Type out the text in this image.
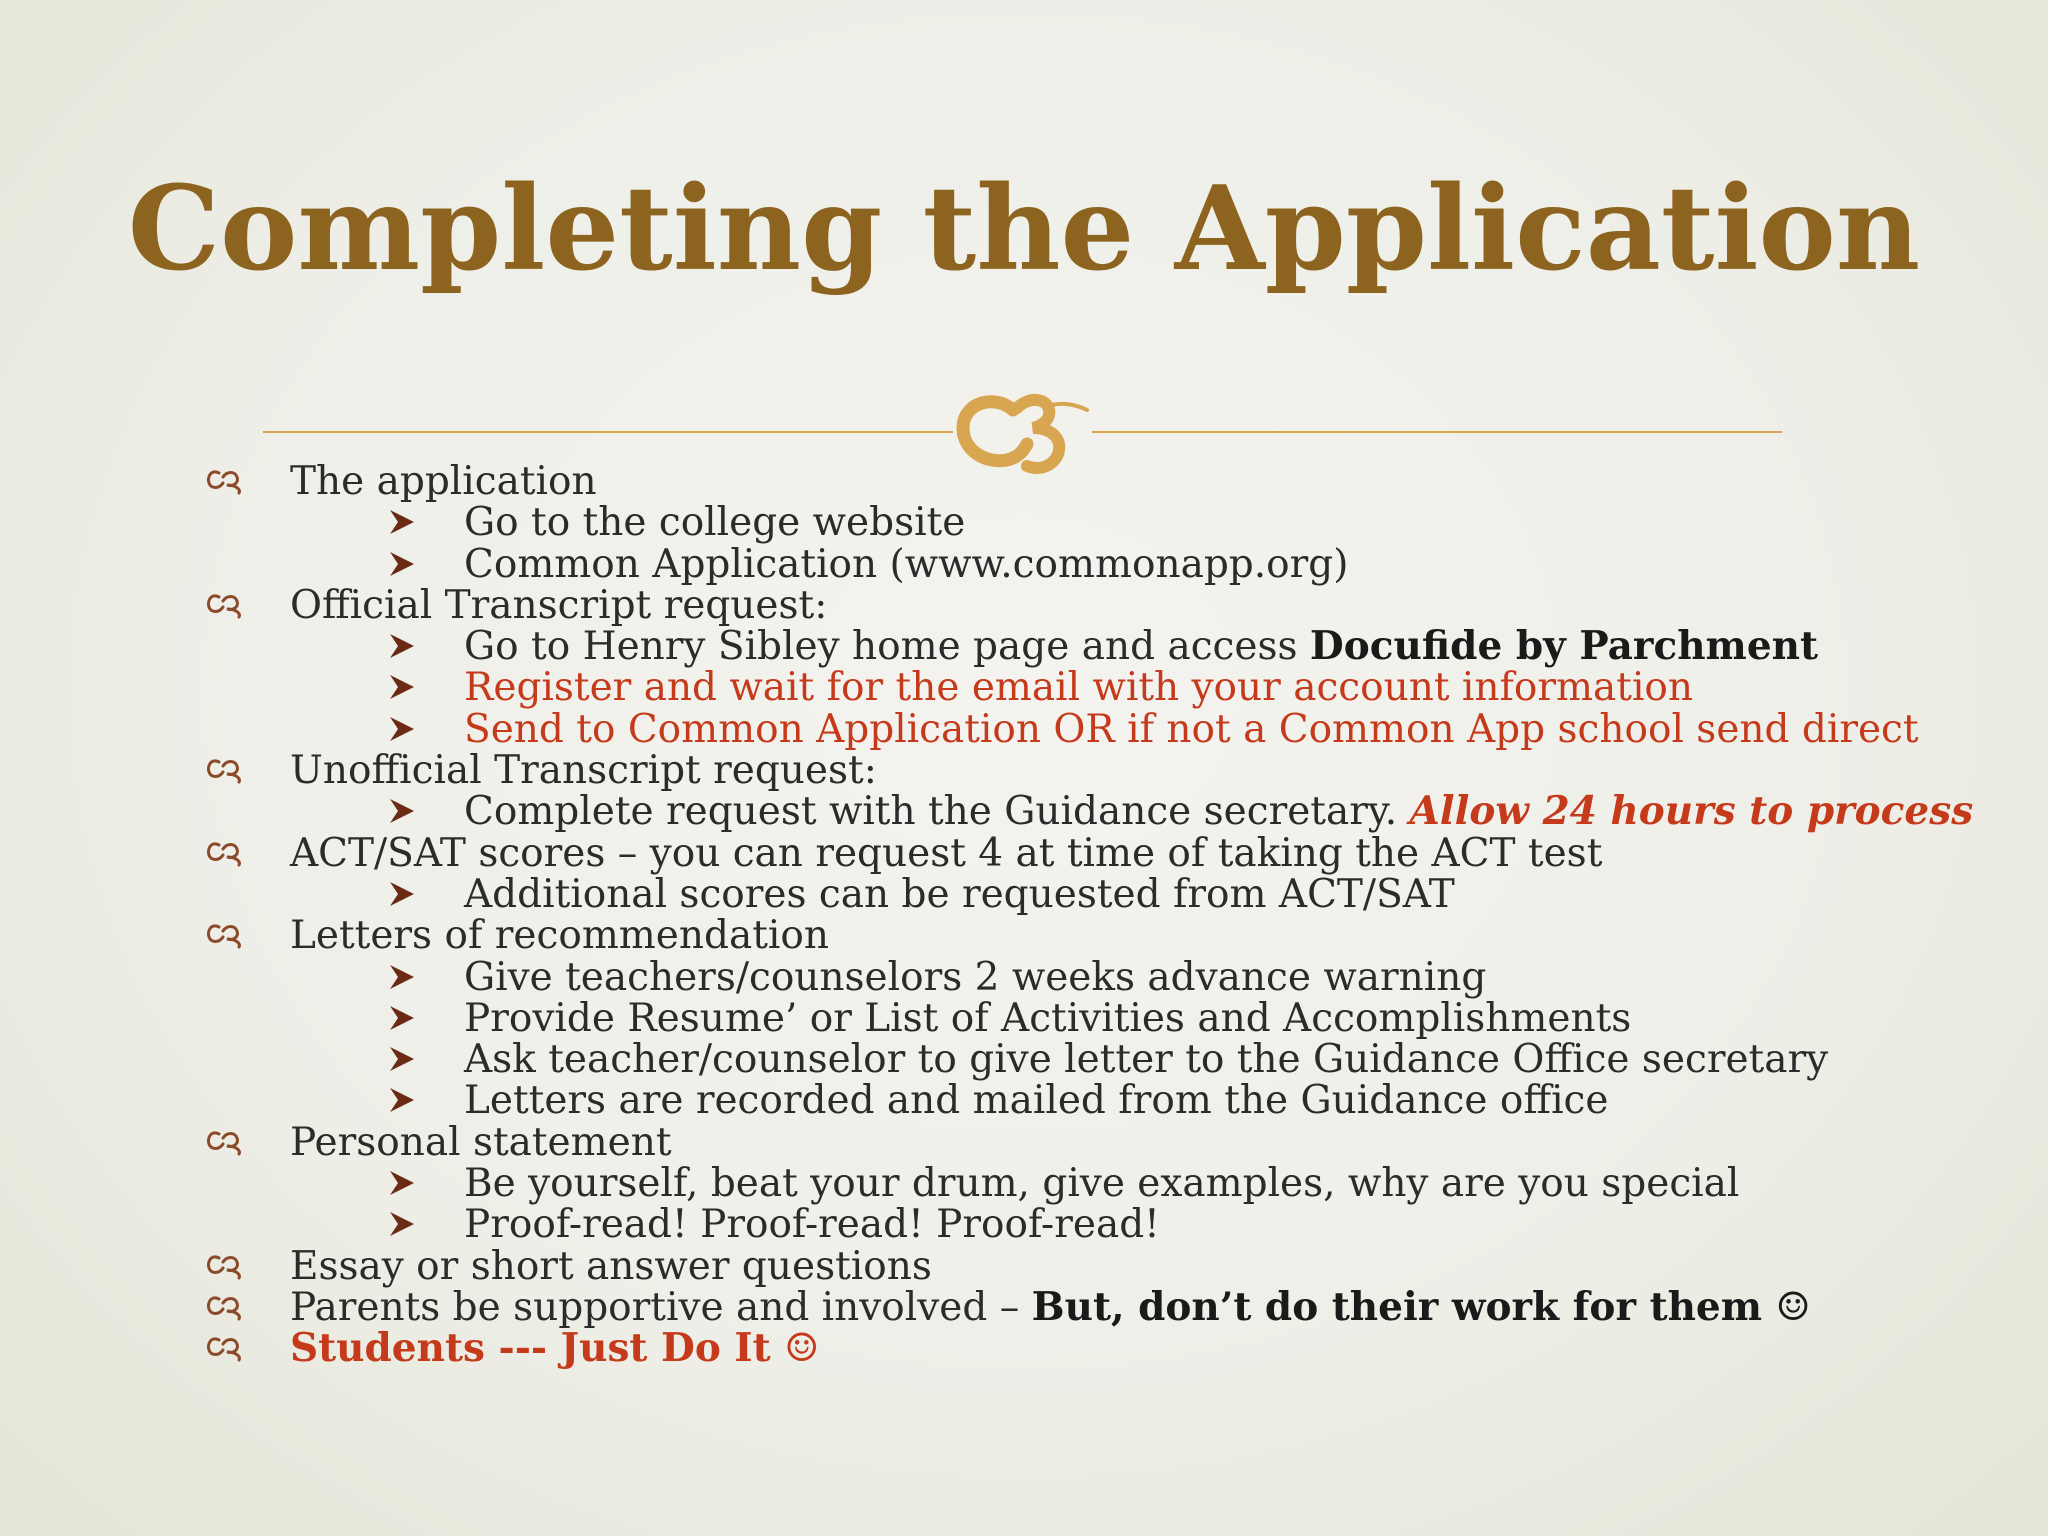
Completing the Application
The application
Go to the college website
Common Application (www.commonapp.org)
Official Transcript request:
Go to Henry Sibley home page and access Docufide by Parchment
Register and wait for the email with your account information
Send to Common Application OR if not a Common App school send direct
Unofficial Transcript request:
Complete request with the Guidance secretary. Allow 24 hours to process
ACT/SAT scores – you can request 4 at time of taking the ACT test
Additional scores can be requested from ACT/SAT
Letters of recommendation
Give teachers/counselors 2 weeks advance warning
Provide Resume’ or List of Activities and Accomplishments
Ask teacher/counselor to give letter to the Guidance Office secretary
Letters are recorded and mailed from the Guidance office
Personal statement
Be yourself, beat your drum, give examples, why are you special
Proof-read! Proof-read! Proof-read!
Essay or short answer questions
Parents be supportive and involved – But, don’t do their work for them ☺
Students --- Just Do It ☺
